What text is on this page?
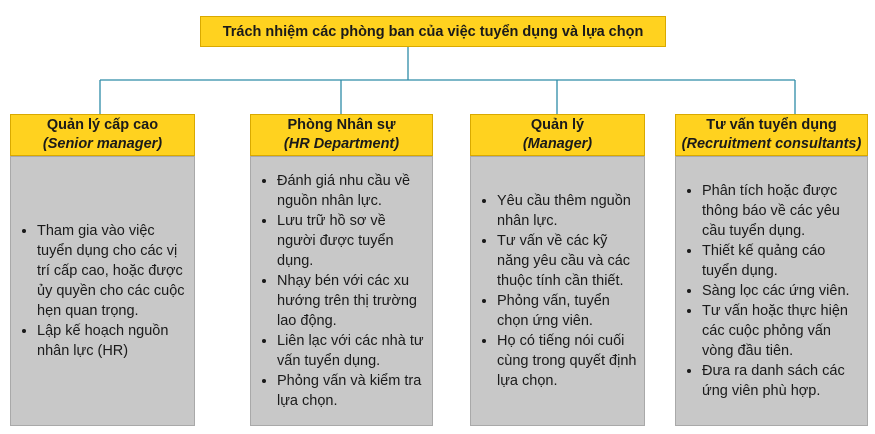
Trách nhiệm các phòng ban của việc tuyển dụng và lựa chọn
Quản lý cấp cao
(Senior manager)
• Tham gia vào việc tuyển dụng cho các vị trí cấp cao, hoặc được ủy quyền cho các cuộc hẹn quan trọng.
• Lập kế hoạch nguồn nhân lực (HR)
Phòng Nhân sự
(HR Department)
• Đánh giá nhu cầu về nguồn nhân lực.
• Lưu trữ hồ sơ về người được tuyển dụng.
• Nhạy bén với các xu hướng trên thị trường lao động.
• Liên lạc với các nhà tư vấn tuyển dụng.
• Phỏng vấn và kiểm tra lựa chọn.
Quản lý
(Manager)
• Yêu cầu thêm nguồn nhân lực.
• Tư vấn về các kỹ năng yêu cầu và các thuộc tính cần thiết.
• Phỏng vấn, tuyển chọn ứng viên.
• Họ có tiếng nói cuối cùng trong quyết định lựa chọn.
Tư vấn tuyển dụng
(Recruitment consultants)
• Phân tích hoặc được thông báo về các yêu cầu tuyển dụng.
• Thiết kế quảng cáo tuyển dụng.
• Sàng lọc các ứng viên.
• Tư vấn hoặc thực hiện các cuộc phỏng vấn vòng đầu tiên.
• Đưa ra danh sách các ứng viên phù hợp.
